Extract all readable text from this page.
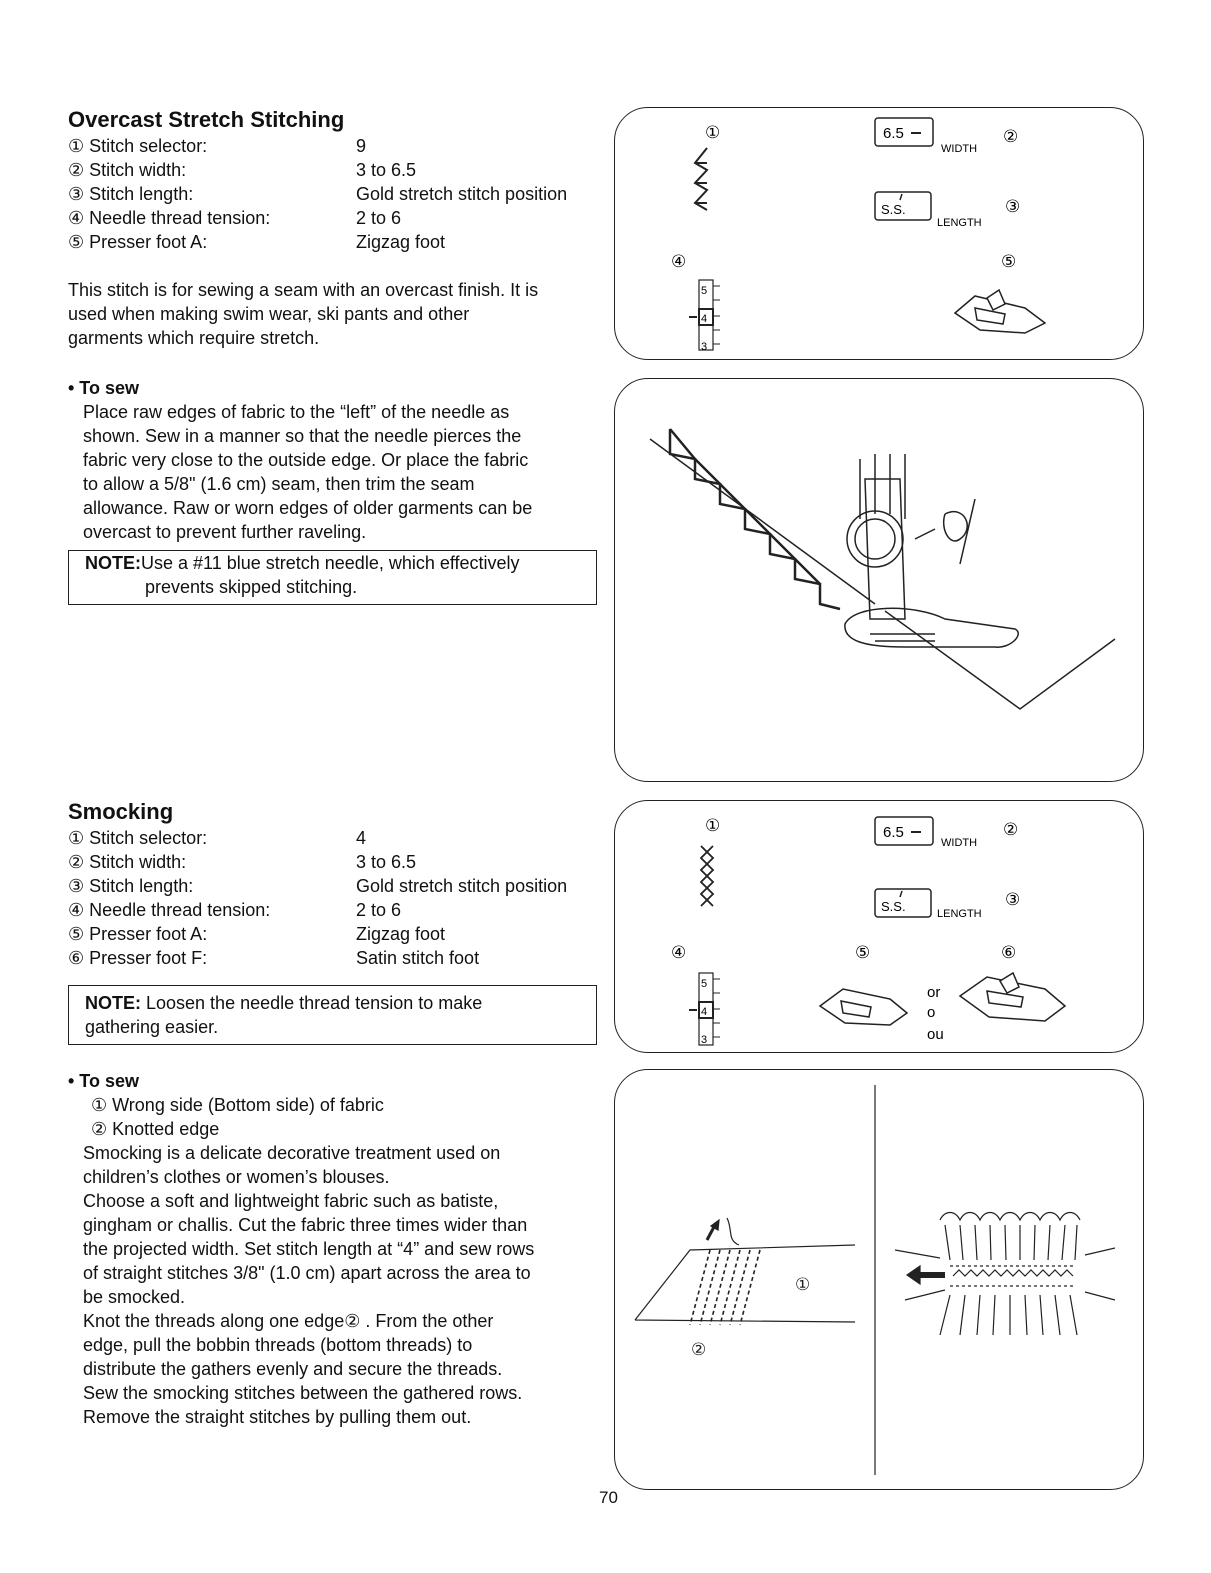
Overcast Stretch Stitching
① Stitch selector:	9
② Stitch width:	3 to 6.5
③ Stitch length:	Gold stretch stitch position
④ Needle thread tension:	2 to 6
⑤ Presser foot A:	Zigzag foot
This stitch is for sewing a seam with an overcast finish. It is
used when making swim wear, ski pants and other
garments which require stretch.
• To sew
Place raw edges of fabric to the “left” of the needle as
shown. Sew in a manner so that the needle pierces the
fabric very close to the outside edge. Or place the fabric
to allow a 5/8" (1.6 cm) seam, then trim the seam
allowance. Raw or worn edges of older garments can be
overcast to prevent further raveling.
NOTE:Use a #11 blue stretch needle, which effectively
prevents skipped stitching.
①	6.5
WIDTH
②
S.S.
LENGTH
③
④	⑤
5
4
3
Smocking
① Stitch selector:	4
② Stitch width:	3 to 6.5
③ Stitch length:	Gold stretch stitch position
④ Needle thread tension:	2 to 6
⑤ Presser foot A:	Zigzag foot
⑥ Presser foot F:	Satin stitch foot
NOTE: Loosen the needle thread tension to make
gathering easier.
• To sew
① Wrong side (Bottom side) of fabric
② Knotted edge
Smocking is a delicate decorative treatment used on
children’s clothes or women’s blouses.
Choose a soft and lightweight fabric such as batiste,
gingham or challis. Cut the fabric three times wider than
the projected width. Set stitch length at “4” and sew rows
of straight stitches 3/8" (1.0 cm) apart across the area to
be smocked.
Knot the threads along one edge② . From the other
edge, pull the bobbin threads (bottom threads) to
distribute the gathers evenly and secure the threads.
Sew the smocking stitches between the gathered rows.
Remove the straight stitches by pulling them out.
①	6.5
WIDTH
②
S.S.	LENGTH
③
④	⑤	⑥
5
4
3
or
o
ou
①
②
70
